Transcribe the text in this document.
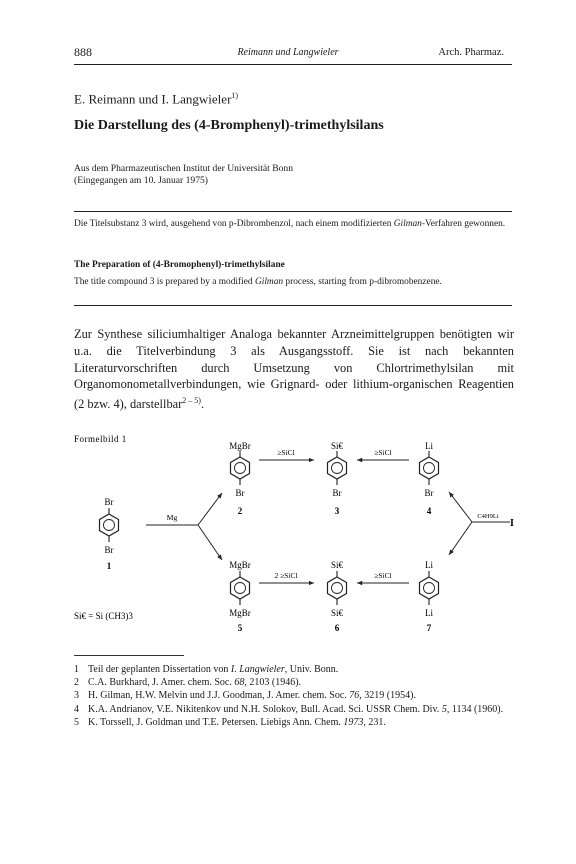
888	Reimann und Langwieler	Arch. Pharmaz.
E. Reimann und I. Langwieler$^{1)}$
Die Darstellung des (4-Bromphenyl)-trimethylsilans
Aus dem Pharmazeutischen Institut der Universität Bonn
(Eingegangen am 10. Januar 1975)
Die Titelsubstanz 3 wird, ausgehend von p-Dibrombenzol, nach einem modifizierten Gilman-Verfahren gewonnen.
The Preparation of (4-Bromophenyl)-trimethylsilane
The title compound 3 is prepared by a modified Gilman process, starting from p-dibromobenzene.
Zur Synthese siliciumhaltiger Analoga bekannter Arzneimittelgruppen benötigten wir u.a. die Titelverbindung 3 als Ausgangsstoff. Sie ist nach bekannten Literaturvorschriften durch Umsetzung von Chlortrimethylsilan mit Organomonometallverbindungen, wie Grignard- oder lithium-organischen Reagentien (2 bzw. 4), darstellbar$^{2 - 5)}$.
Formelbild 1
Si€ = Si (CH3)3
Br
Br
1
MgBr
Br
2
Si€
Br
3
Li
Br
4
MgBr
MgBr
5
Si€
Si€
6
Li
Li
7
Mg
≥SiCl	≥SiCl
2 ≥SiCl	≥SiCl
C4H9Li
I
1 Teil der geplanten Dissertation von I. Langwieler, Univ. Bonn.
2 C.A. Burkhard, J. Amer. chem. Soc. 68, 2103 (1946).
3 H. Gilman, H.W. Melvin und J.J. Goodman, J. Amer. chem. Soc. 76, 3219 (1954).
4 K.A. Andrianov, V.E. Nikitenkov und N.H. Solokov, Bull. Acad. Sci. USSR Chem. Div. 5, 1134 (1960).
5 K. Torssell, J. Goldman und T.E. Petersen. Liebigs Ann. Chem. 1973, 231.
